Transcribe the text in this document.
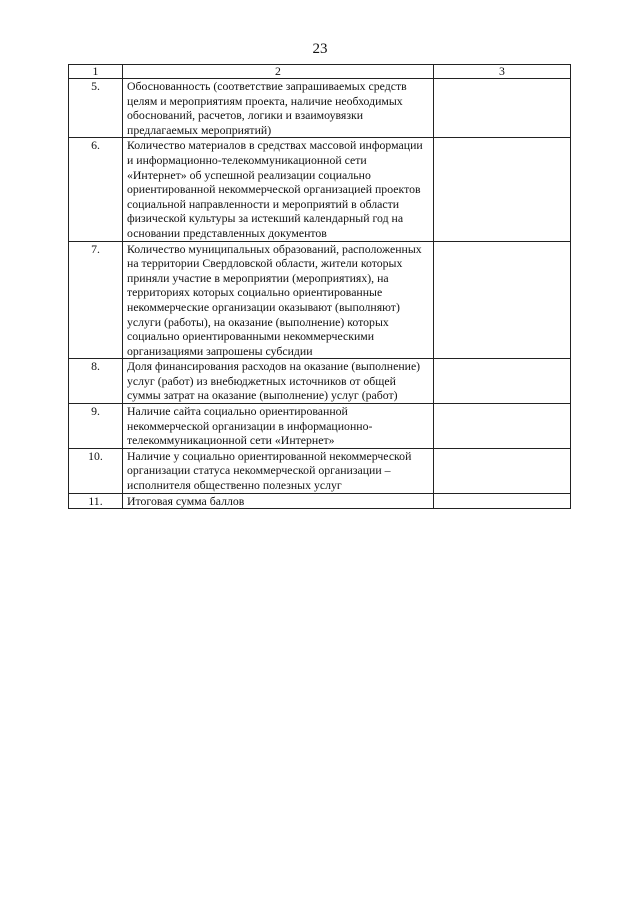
23
1	2	3
5.	Обоснованность (соответствие запрашиваемых средств целям и мероприятиям проекта, наличие необходимых обоснований, расчетов, логики и взаимоувязки предлагаемых мероприятий)	
6.	Количество материалов в средствах массовой информации и информационно-телекоммуникационной сети «Интернет» об успешной реализации социально ориентированной некоммерческой организацией проектов социальной направленности и мероприятий в области физической культуры за истекший календарный год на основании представленных документов	
7.	Количество муниципальных образований, расположенных на территории Свердловской области, жители которых приняли участие в мероприятии (мероприятиях), на территориях которых социально ориентированные некоммерческие организации оказывают (выполняют) услуги (работы), на оказание (выполнение) которых социально ориентированными некоммерческими организациями запрошены субсидии	
8.	Доля финансирования расходов на оказание (выполнение) услуг (работ) из внебюджетных источников от общей суммы затрат на оказание (выполнение) услуг (работ)	
9.	Наличие сайта социально ориентированной некоммерческой организации в информационно-телекоммуникационной сети «Интернет»	
10.	Наличие у социально ориентированной некоммерческой организации статуса некоммерческой организации – исполнителя общественно полезных услуг	
11.	Итоговая сумма баллов	
